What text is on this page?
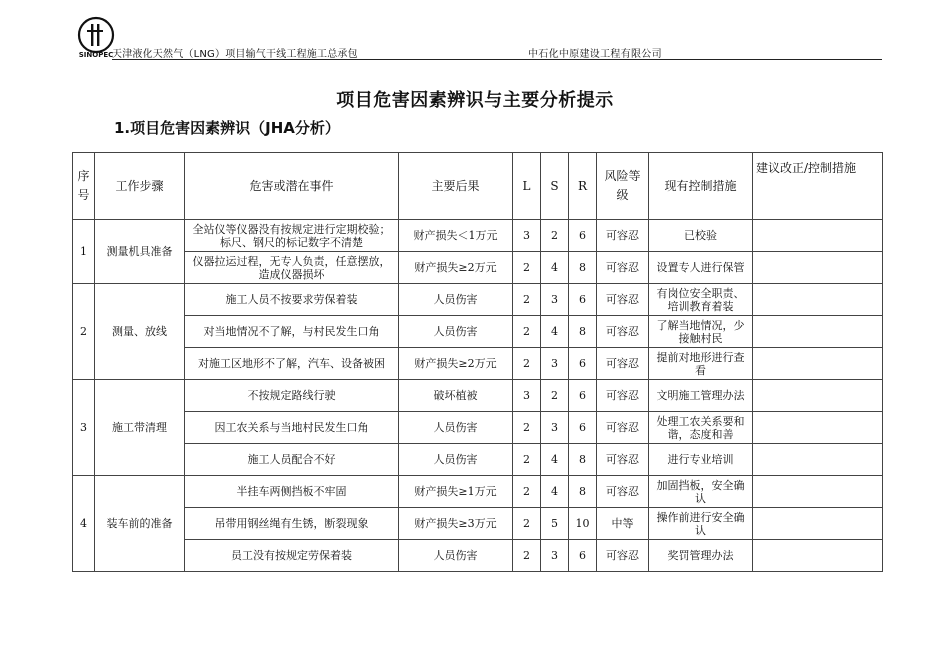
SINOPEC
天津液化天然气（LNG）项目输气干线工程施工总承包	中石化中原建设工程有限公司
项目危害因素辨识与主要分析提示
1.项目危害因素辨识（JHA分析）
序号	工作步骤	危害或潜在事件	主要后果	L	S	R	风险等级	现有控制措施	建议改正/控制措施
1	测量机具准备	全站仪等仪器没有按规定进行定期校验；标尺、钢尺的标记数字不清楚	财产损失＜1万元	3	2	6	可容忍	已校验	
		仪器拉运过程，无专人负责，任意摆放，造成仪器损坏	财产损失≥2万元	2	4	8	可容忍	设置专人进行保管	
2	测量、放线	施工人员不按要求劳保着装	人员伤害	2	3	6	可容忍	有岗位安全职责、培训教育着装	
		对当地情况不了解，与村民发生口角	人员伤害	2	4	8	可容忍	了解当地情况，少接触村民	
		对施工区地形不了解，汽车、设备被困	财产损失≥2万元	2	3	6	可容忍	提前对地形进行查看	
3	施工带清理	不按规定路线行驶	破坏植被	3	2	6	可容忍	文明施工管理办法	
		因工农关系与当地村民发生口角	人员伤害	2	3	6	可容忍	处理工农关系要和谐，态度和善	
		施工人员配合不好	人员伤害	2	4	8	可容忍	进行专业培训	
4	装车前的准备	半挂车两侧挡板不牢固	财产损失≥1万元	2	4	8	可容忍	加固挡板，安全确认	
		吊带用钢丝绳有生锈，断裂现象	财产损失≥3万元	2	5	10	中等	操作前进行安全确认	
		员工没有按规定劳保着装	人员伤害	2	3	6	可容忍	奖罚管理办法	
